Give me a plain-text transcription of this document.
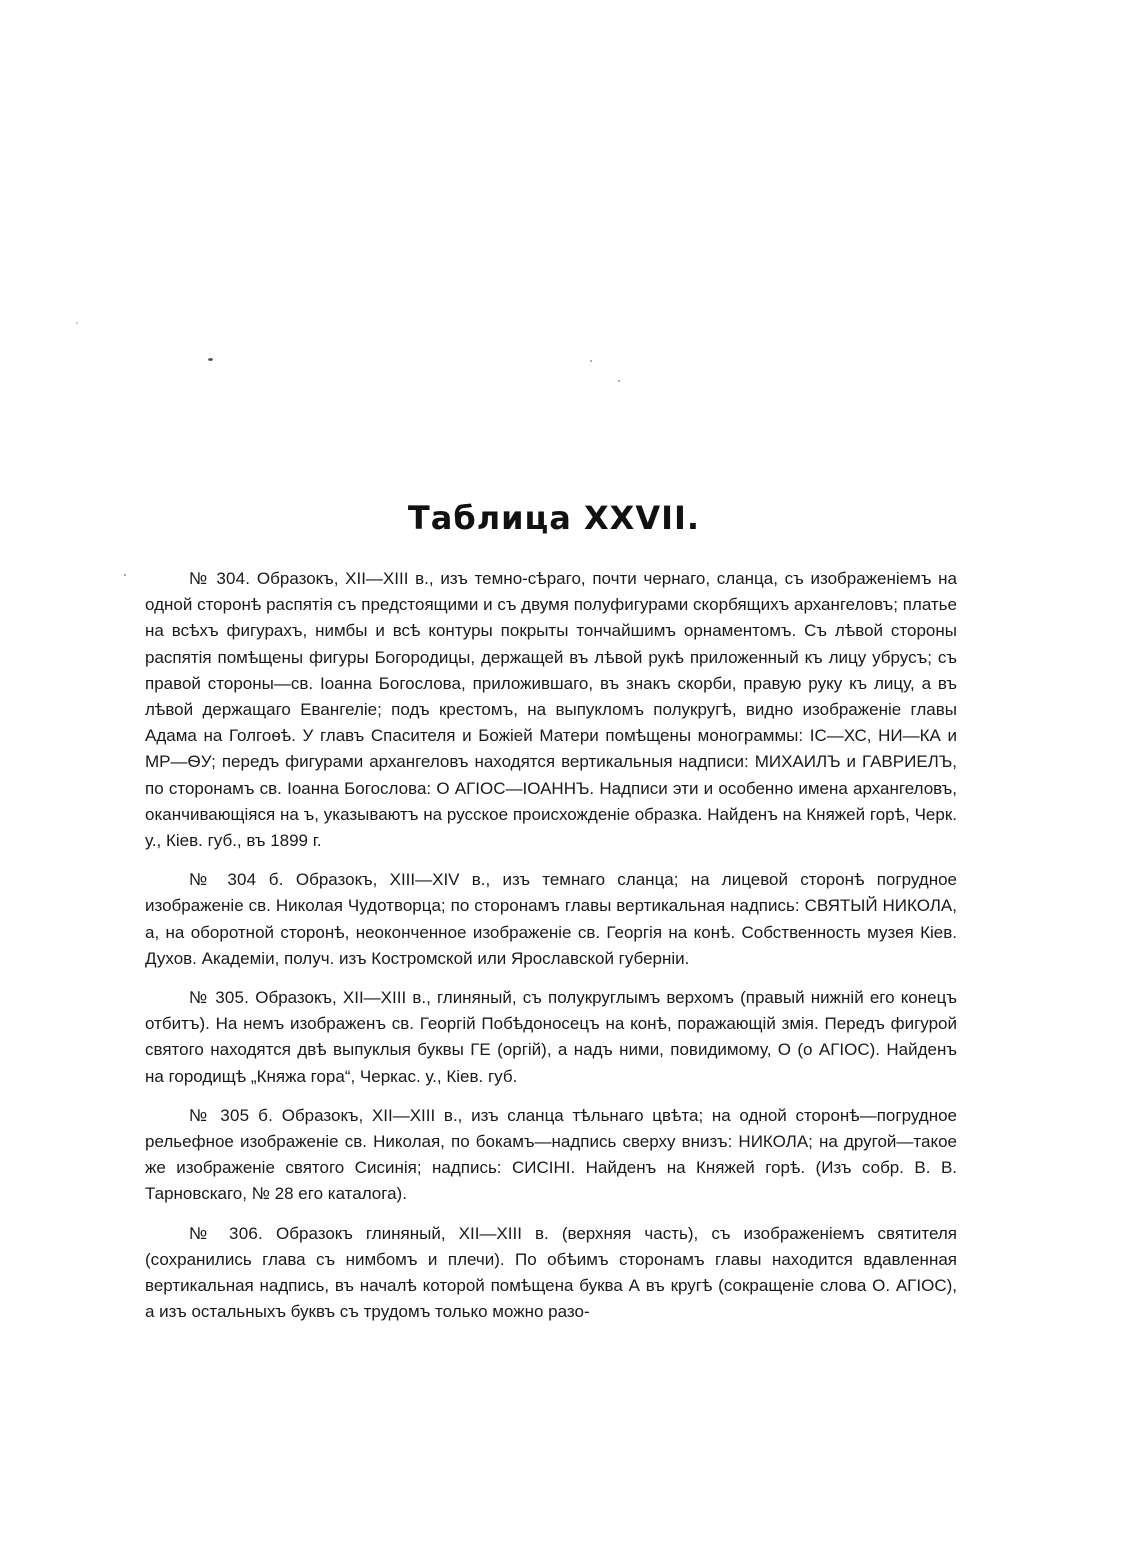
Таблица XXVII.

№ 304. Образокъ, XII—XIII в., изъ темно-сѣраго, почти чернаго, сланца, съ изображеніемъ на одной сторонѣ распятія съ предстоящими и съ двумя полуфигурами скорбящихъ архангеловъ; платье на всѣхъ фигурахъ, нимбы и всѣ контуры покрыты тончайшимъ орнаментомъ. Съ лѣвой стороны распятія помѣщены фигуры Богородицы, держащей въ лѣвой рукѣ приложенный къ лицу убрусъ; съ правой стороны—св. Іоанна Богослова, приложившаго, въ знакъ скорби, правую руку къ лицу, а въ лѣвой держащаго Евангеліе; подъ крестомъ, на выпукломъ полукругѣ, видно изображеніе главы Адама на Голгоѳѣ. У главъ Спасителя и Божiей Матери помѣщены монограммы: ІС—ХС, НИ—КА и МР—ѲУ; передъ фигурами архангеловъ находятся вертикальныя надписи: МИХАИЛЪ и ГАВРИЕЛЪ, по сторонамъ св. Іоанна Богослова: О АГІОС—ІОАННЪ. Надписи эти и особенно имена архангеловъ, оканчивающіяся на ъ, указываютъ на русское происхожденіе образка. Найденъ на Княжей горѣ, Черк. у., Кіев. губ., въ 1899 г.

№ 304 б. Образокъ, XIII—XIV в., изъ темнаго сланца; на лицевой сторонѣ погрудное изображеніе св. Николая Чудотворца; по сторонамъ главы вертикальная надпись: СВЯТЫЙ НИКОЛА, а, на оборотной сторонѣ, неоконченное изображеніе св. Георгія на конѣ. Собственность музея Кіев. Духов. Академіи, получ. изъ Костромской или Ярославской губерніи.

№ 305. Образокъ, XII—XIII в., глиняный, съ полукруглымъ верхомъ (правый нижній его конецъ отбитъ). На немъ изображенъ св. Георгій Побѣдоносецъ на конѣ, поражающій змія. Передъ фигурой святого находятся двѣ выпуклыя буквы ГЕ (оргій), а надъ ними, повидимому, О (о АГІОС). Найденъ на городищѣ „Княжа гора“, Черкас. у., Кіев. губ.

№ 305 б. Образокъ, XII—XIII в., изъ сланца тѣльнаго цвѣта; на одной сторонѣ—погрудное рельефное изображеніе св. Николая, по бокамъ—надпись сверху внизъ: НИКОЛА; на другой—такое же изображеніе святого Сисинія; надпись: СИСІНІ. Найденъ на Княжей горѣ. (Изъ собр. В. В. Тарновскаго, № 28 его каталога).

№ 306. Образокъ глиняный, XII—XIII в. (верхняя часть), съ изображеніемъ святителя (сохранились глава съ нимбомъ и плечи). По обѣимъ сторонамъ главы находится вдавленная вертикальная надпись, въ началѣ которой помѣщена буква А въ кругѣ (сокращеніе слова О. АГІОС), а изъ остальныхъ буквъ съ трудомъ только можно разо-
